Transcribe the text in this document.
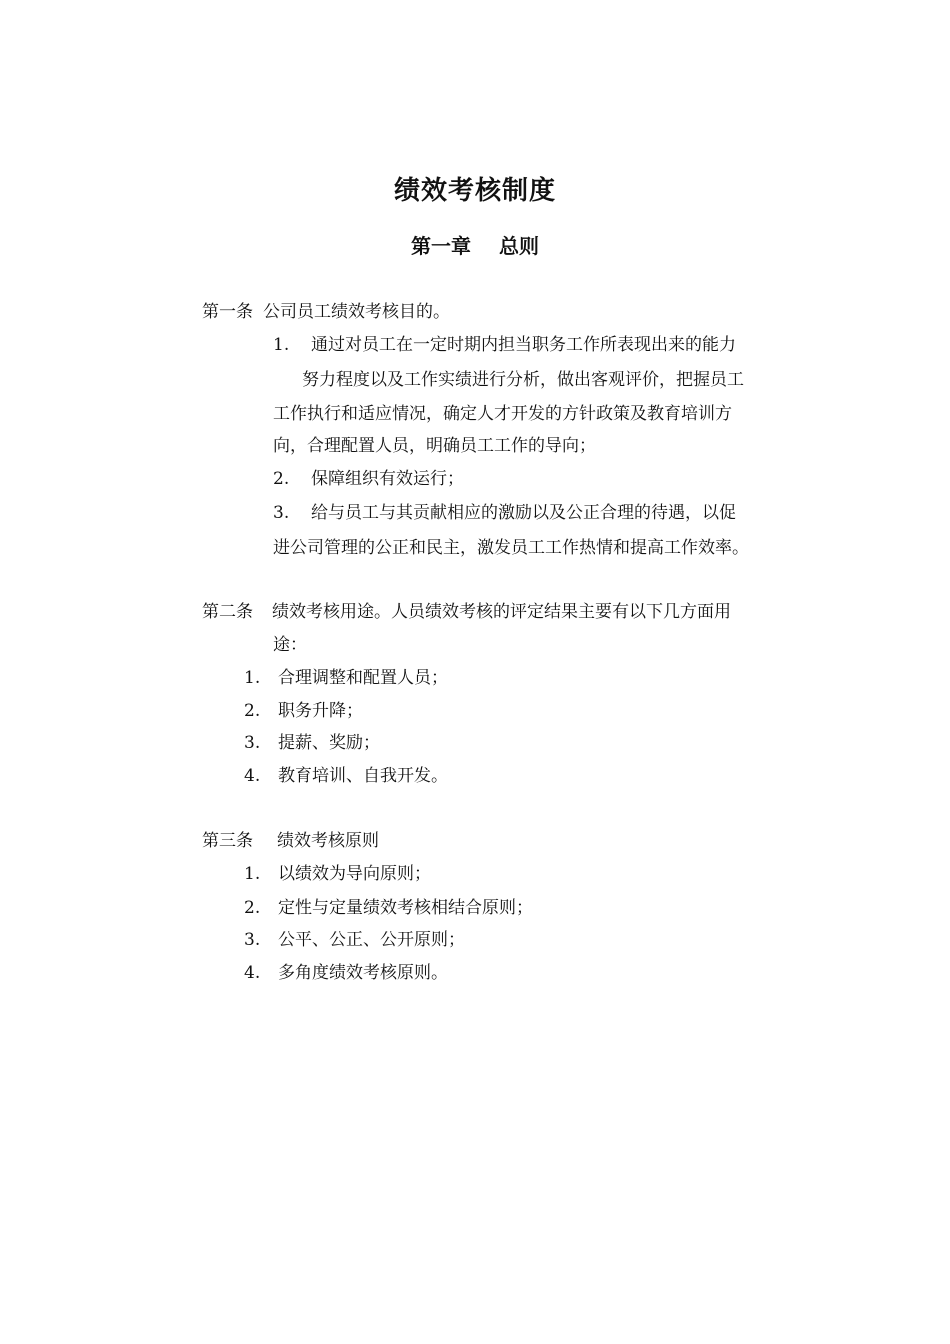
绩效考核制度
第一章 总则
第一条 公司员工绩效考核目的。
1. 通过对员工在一定时期内担当职务工作所表现出来的能力
努力程度以及工作实绩进行分析，做出客观评价，把握员工
工作执行和适应情况，确定人才开发的方针政策及教育培训方
向，合理配置人员，明确员工工作的导向；
2. 保障组织有效运行；
3. 给与员工与其贡献相应的激励以及公正合理的待遇，以促
进公司管理的公正和民主，激发员工工作热情和提高工作效率。
第二条 绩效考核用途。人员绩效考核的评定结果主要有以下几方面用
途：
1. 合理调整和配置人员；
2. 职务升降；
3. 提薪、奖励；
4. 教育培训、自我开发。
第三条 绩效考核原则
1. 以绩效为导向原则；
2. 定性与定量绩效考核相结合原则；
3. 公平、公正、公开原则；
4. 多角度绩效考核原则。
